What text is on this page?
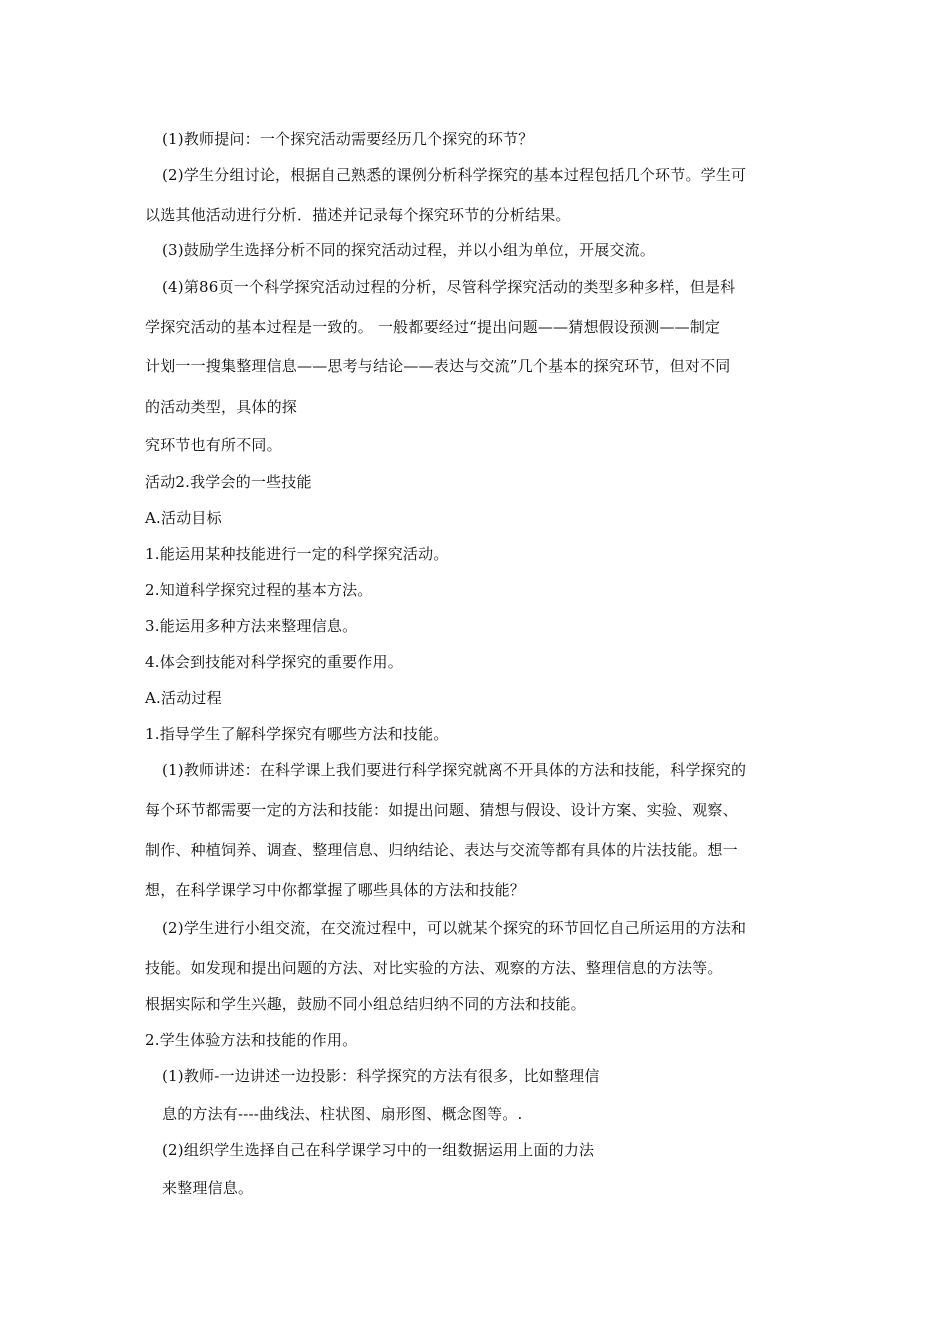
(1)教师提问：一个探究活动需要经历几个探究的环节？
(2)学生分组讨论，根据自己熟悉的课例分析科学探究的基本过程包括几个环节。学生可
以选其他活动进行分析．描述并记录每个探究环节的分析结果。
(3)鼓励学生选择分析不同的探究活动过程，并以小组为单位，开展交流。
(4)第86页一个科学探究活动过程的分析，尽管科学探究活动的类型多种多样，但是科
学探究活动的基本过程是一致的。 一般都要经过“提出问题——猜想假设预测——制定
计划一一搜集整理信息——思考与结论——表达与交流”几个基本的探究环节，但对不同
的活动类型，具体的探
究环节也有所不同。
活动2.我学会的一些技能
A.活动目标
1.能运用某种技能进行一定的科学探究活动。
2.知道科学探究过程的基本方法。
3.能运用多种方法来整理信息。
4.体会到技能对科学探究的重要作用。
A.活动过程
1.指导学生了解科学探究有哪些方法和技能。
(1)教师讲述：在科学课上我们要进行科学探究就离不开具体的方法和技能，科学探究的
每个环节都需要一定的方法和技能：如提出问题、猜想与假设、设计方案、实验、观察、
制作、种植饲养、调查、整理信息、归纳结论、表达与交流等都有具体的片法技能。想一
想，在科学课学习中你都掌握了哪些具体的方法和技能？
(2)学生进行小组交流，在交流过程中，可以就某个探究的环节回忆自己所运用的方法和
技能。如发现和提出问题的方法、对比实验的方法、观察的方法、整理信息的方法等。
根据实际和学生兴趣，鼓励不同小组总结归纳不同的方法和技能。
2.学生体验方法和技能的作用。
(1)教师-一边讲述一边投影：科学探究的方法有很多，比如整理信
息的方法有----曲线法、柱状图、扇形图、概念图等。.
(2)组织学生选择自己在科学课学习中的一组数据运用上面的力法
来整理信息。
